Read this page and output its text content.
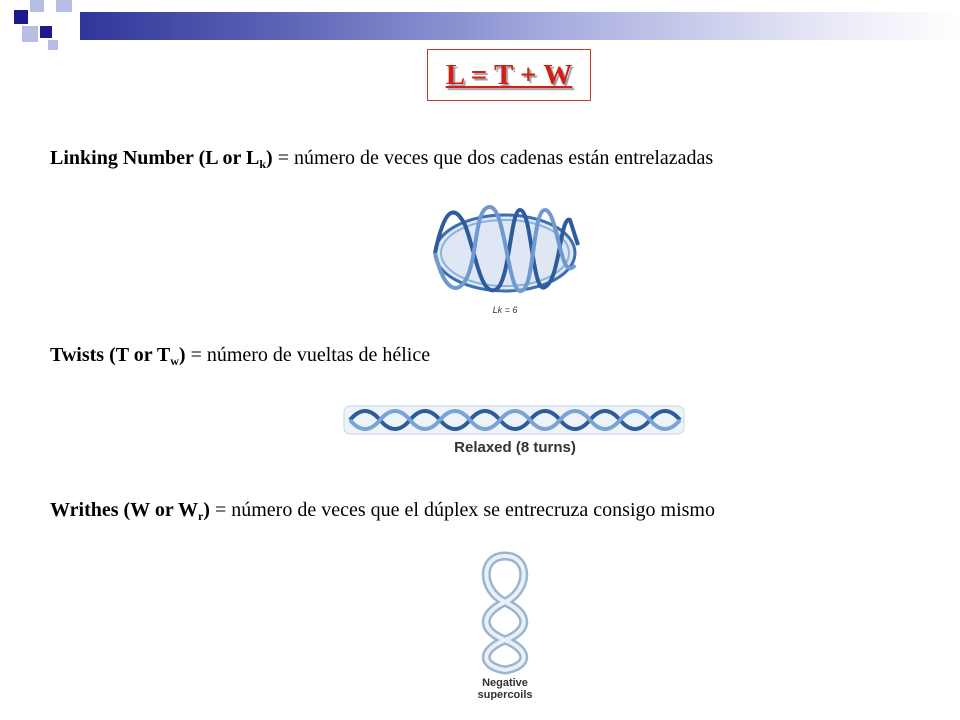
L = T + W
Linking Number (L or $L_k$) = número de veces que dos cadenas están entrelazadas
Lk = 6
Twists (T or $T_w$) = número de vueltas de hélice
Relaxed (8 turns)
Writhes (W or $W_r$) = número de veces que el dúplex se entrecruza consigo mismo
Negative
supercoils
